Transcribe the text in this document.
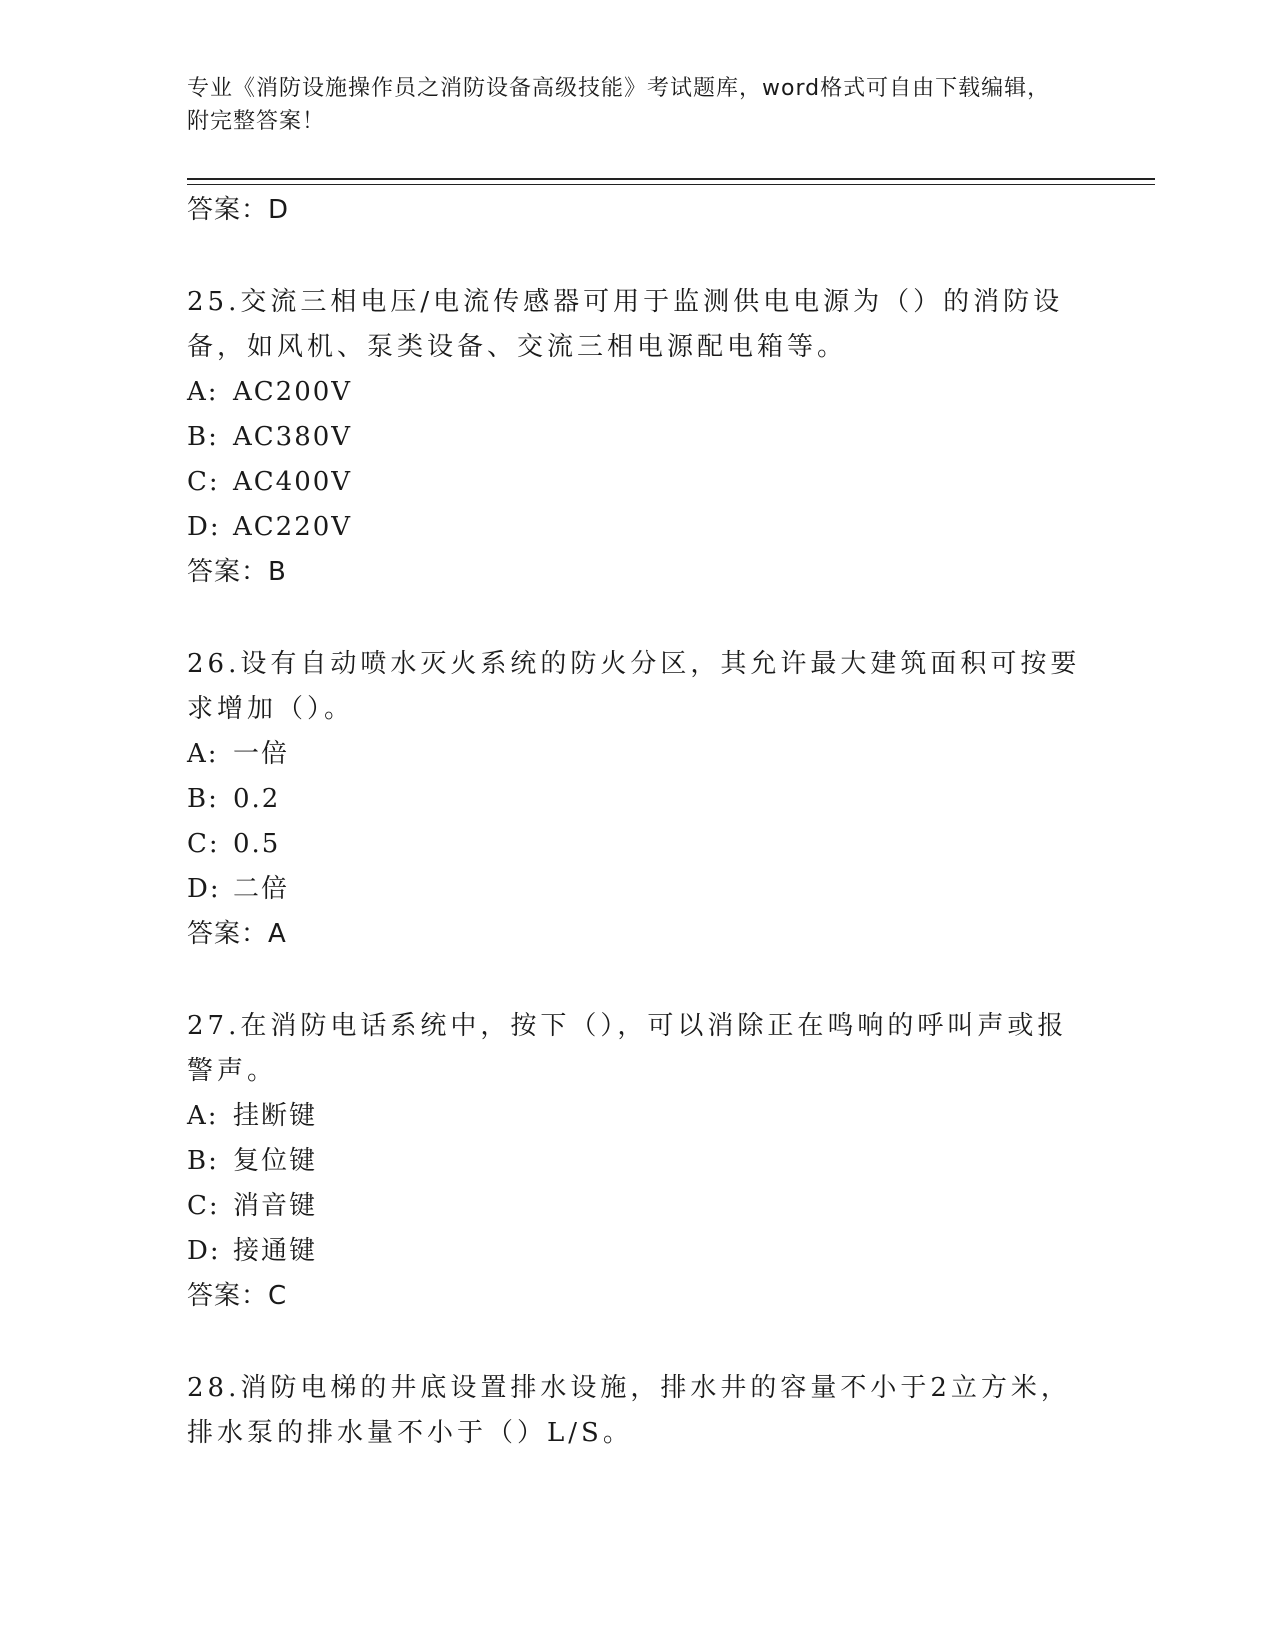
专业《消防设施操作员之消防设备高级技能》考试题库，word格式可自由下载编辑，附完整答案！
答案：D
25.交流三相电压/电流传感器可用于监测供电电源为（）的消防设备，如风机、泵类设备、交流三相电源配电箱等。
A: AC200V
B: AC380V
C: AC400V
D: AC220V
答案：B
26.设有自动喷水灭火系统的防火分区，其允许最大建筑面积可按要求增加（）。
A: 一倍
B: 0.2
C: 0.5
D: 二倍
答案：A
27.在消防电话系统中，按下（），可以消除正在鸣响的呼叫声或报警声。
A: 挂断键
B: 复位键
C: 消音键
D: 接通键
答案：C
28.消防电梯的井底设置排水设施，排水井的容量不小于2立方米，排水泵的排水量不小于（）L/S。
